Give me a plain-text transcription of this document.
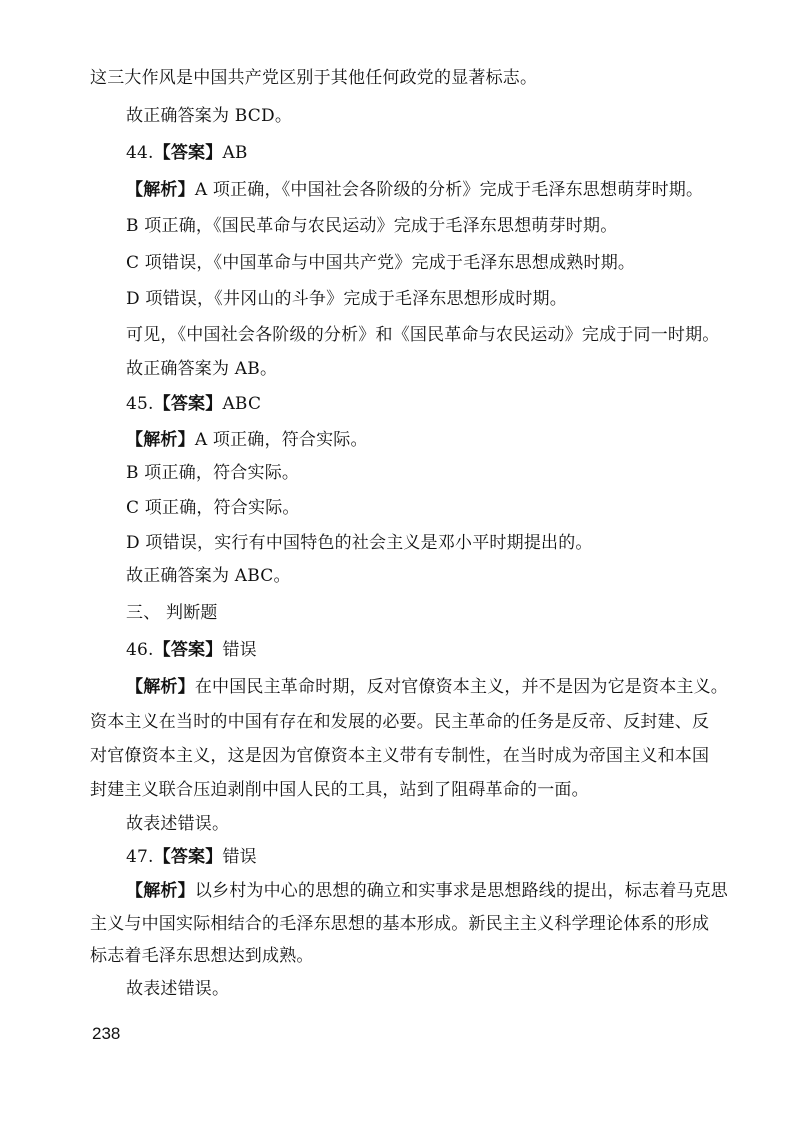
这三大作风是中国共产党区别于其他任何政党的显著标志。
故正确答案为 BCD。
44.【答案】AB
【解析】A 项正确，《中国社会各阶级的分析》完成于毛泽东思想萌芽时期。
B 项正确，《国民革命与农民运动》完成于毛泽东思想萌芽时期。
C 项错误，《中国革命与中国共产党》完成于毛泽东思想成熟时期。
D 项错误，《井冈山的斗争》完成于毛泽东思想形成时期。
可见，《中国社会各阶级的分析》和《国民革命与农民运动》完成于同一时期。
故正确答案为 AB。
45.【答案】ABC
【解析】A 项正确，符合实际。
B 项正确，符合实际。
C 项正确，符合实际。
D 项错误，实行有中国特色的社会主义是邓小平时期提出的。
故正确答案为 ABC。
三、 判断题
46.【答案】错误
【解析】在中国民主革命时期，反对官僚资本主义，并不是因为它是资本主义。
资本主义在当时的中国有存在和发展的必要。民主革命的任务是反帝、反封建、反
对官僚资本主义，这是因为官僚资本主义带有专制性，在当时成为帝国主义和本国
封建主义联合压迫剥削中国人民的工具，站到了阻碍革命的一面。
故表述错误。
47.【答案】错误
【解析】以乡村为中心的思想的确立和实事求是思想路线的提出，标志着马克思
主义与中国实际相结合的毛泽东思想的基本形成。新民主主义科学理论体系的形成
标志着毛泽东思想达到成熟。
故表述错误。
238
